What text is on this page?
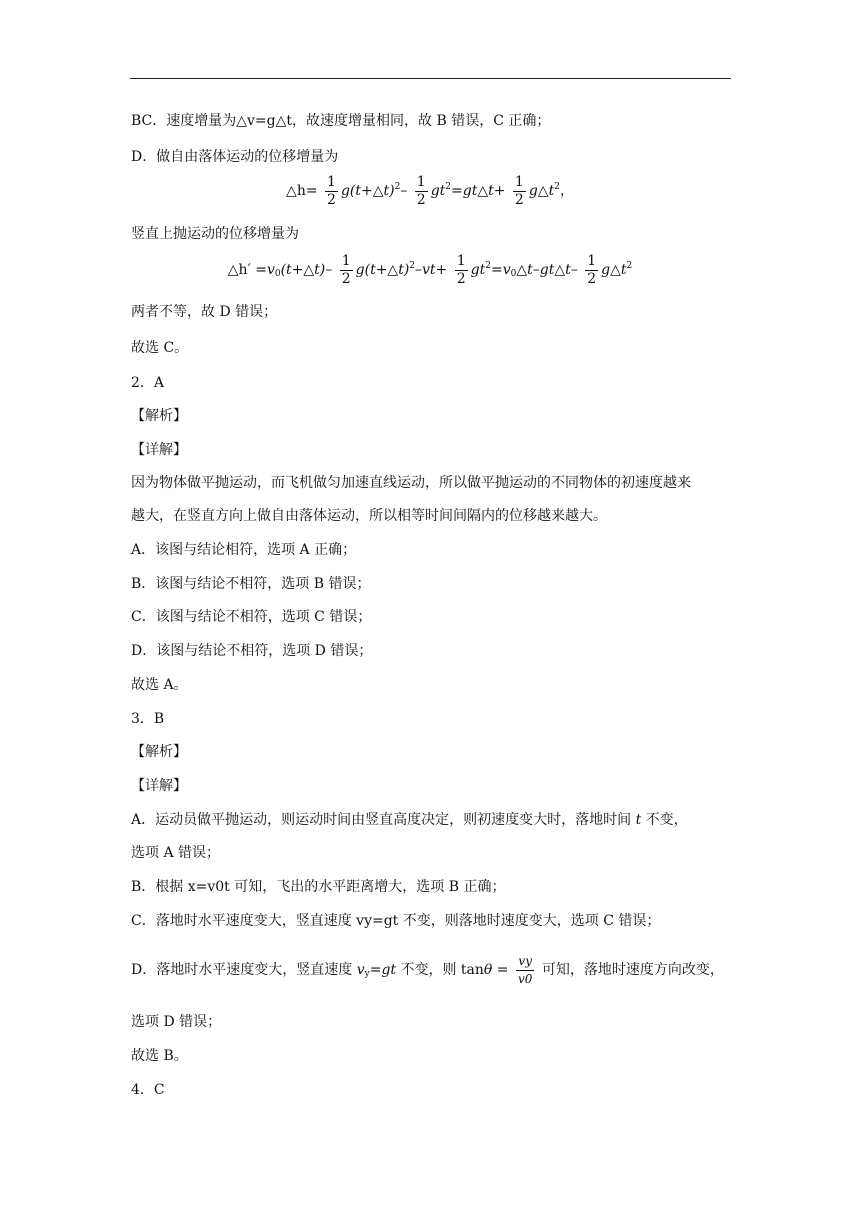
BC．速度增量为△v=g△t，故速度增量相同，故 B 错误，C 正确；
D．做自由落体运动的位移增量为
△h= $\frac{1}{2}$ g(t+△t)$^2$– $\frac{1}{2}$ $gt^2=gt\triangle t+ \frac{1}{2}$ $g\triangle t^2$，
竖直上抛运动的位移增量为
△h′ $=v_0(t+\triangle t)- \frac{1}{2}$ g(t+△t)$^2$–vt+ $\frac{1}{2}$ $gt^2=v_0\triangle t-gt\triangle t- \frac{1}{2}$ $g\triangle t^2$
两者不等，故 D 错误；
故选 C。
2．A
【解析】
【详解】
因为物体做平抛运动，而飞机做匀加速直线运动，所以做平抛运动的不同物体的初速度越来
越大，在竖直方向上做自由落体运动，所以相等时间间隔内的位移越来越大。
A．该图与结论相符，选项 A 正确；
B．该图与结论不相符，选项 B 错误；
C．该图与结论不相符，选项 C 错误；
D．该图与结论不相符，选项 D 错误；
故选 A。
3．B
【解析】
【详解】
A．运动员做平抛运动，则运动时间由竖直高度决定，则初速度变大时，落地时间 t 不变，
选项 A 错误；
B．根据 x=v0t 可知，飞出的水平距离增大，选项 B 正确；
C．落地时水平速度变大，竖直速度 vy=gt 不变，则落地时速度变大，选项 C 错误；
D．落地时水平速度变大，竖直速度 $v_y=gt$ 不变，则 $\tan\theta = \frac{vy}{v0}$ 可知，落地时速度方向改变，
选项 D 错误；
故选 B。
4．C
